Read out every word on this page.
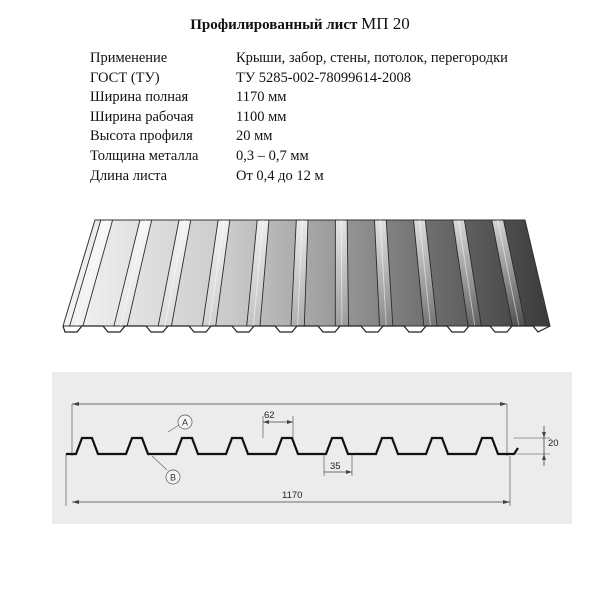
Профилированный лист МП 20
Применение	Крыши, забор, стены, потолок, перегородки
ГОСТ (ТУ)	ТУ 5285-002-78099614-2008
Ширина полная	1170 мм
Ширина рабочая	1100 мм
Высота профиля	20 мм
Толщина металла	0,3 – 0,7 мм
Длина листа	От 0,4 до 12 м
1170
62
35
20
A
B
